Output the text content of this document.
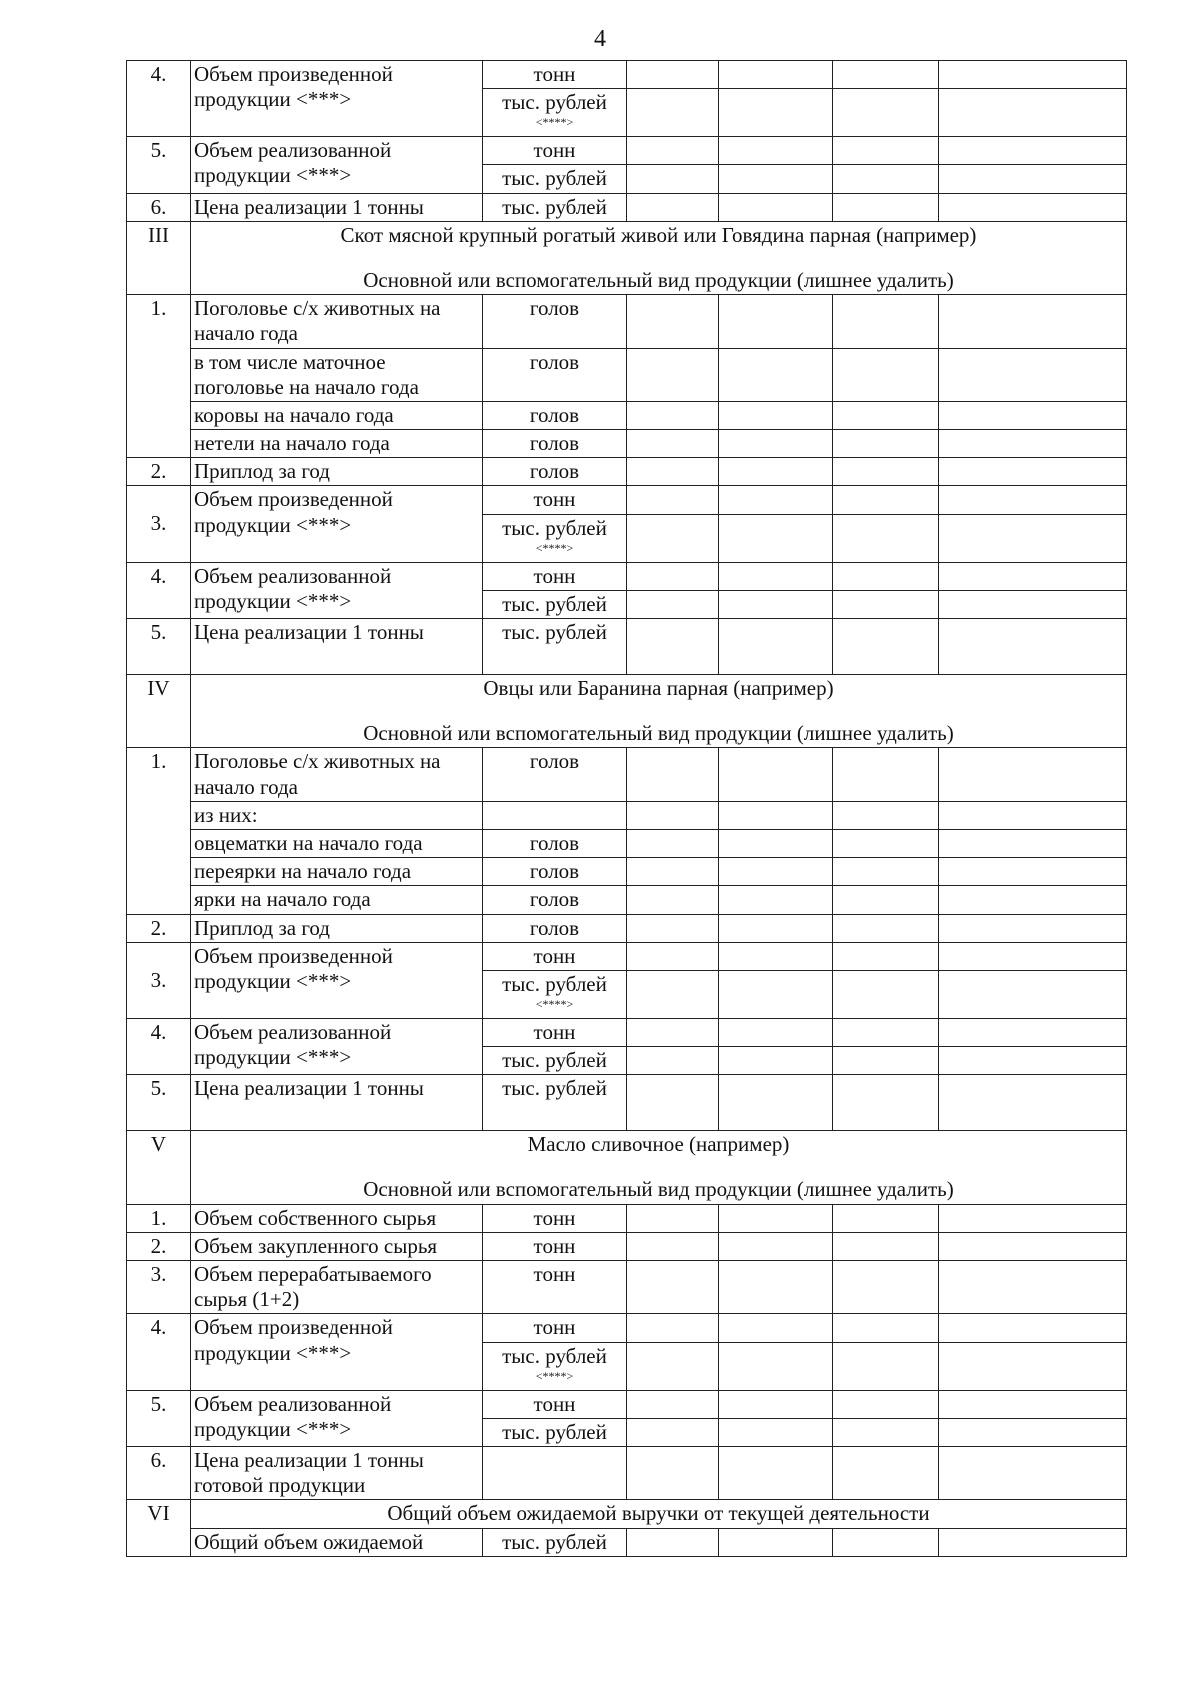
4
4.	Объем произведенной продукции <***>	тонн				
		тыс. рублей
<****>				

5.	Объем реализованной продукции <***>	тонн				
		тыс. рублей				
6.	Цена реализации 1 тонны	тыс. рублей				
III	Скот мясной крупный рогатый живой или Говядина парная (например)
Основной или вспомогательный вид продукции (лишнее удалить)					

1.	Поголовье с/х животных на начало года	голов				
	в том числе маточное поголовье на начало года	голов				
	коровы на начало года	голов				
	нетели на начало года	голов				
2.	Приплод за год	голов				
3.	Объем произведенной продукции <***>	тонн				
		тыс. рублей
<****>				

4.	Объем реализованной продукции <***>	тонн				
		тыс. рублей				
5.	Цена реализации 1 тонны	тыс. рублей				
IV	Овцы или Баранина парная (например)
Основной или вспомогательный вид продукции (лишнее удалить)					

1.	Поголовье с/х животных на начало года	голов				
	из них:					
	овцематки на начало года	голов				
	переярки на начало года	голов				
	ярки на начало года	голов				
2.	Приплод за год	голов				
3.	Объем произведенной продукции <***>	тонн				
		тыс. рублей
<****>				

4.	Объем реализованной продукции <***>	тонн				
		тыс. рублей				
5.	Цена реализации 1 тонны	тыс. рублей				
V	Масло сливочное (например)
Основной или вспомогательный вид продукции (лишнее удалить)					

1.	Объем собственного сырья	тонн				
2.	Объем закупленного сырья	тонн				
3.	Объем перерабатываемого сырья (1+2)	тонн				
4.	Объем произведенной продукции <***>	тонн				
		тыс. рублей
<****>				

5.	Объем реализованной продукции <***>	тонн				
		тыс. рублей				
6.	Цена реализации 1 тонны готовой продукции					
VI	Общий объем ожидаемой выручки от текущей деятельности					

	Общий объем ожидаемой	тыс. рублей				
